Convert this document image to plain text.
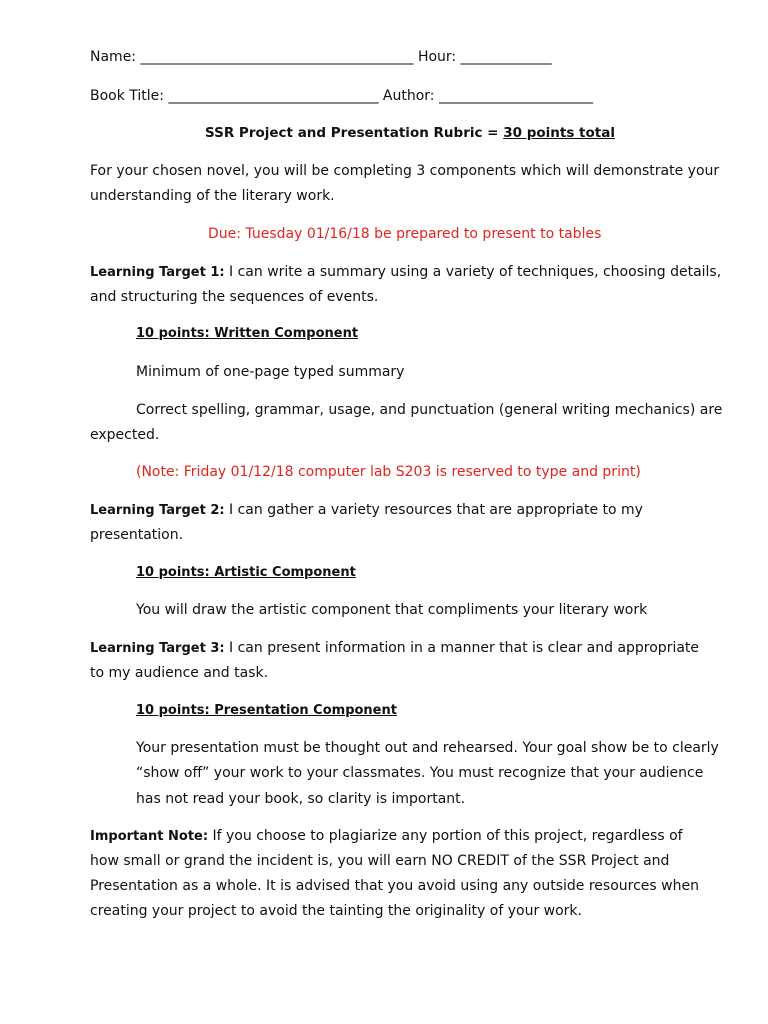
Name: _______________________________________ Hour: _____________
Book Title: ______________________________ Author: ______________________
SSR Project and Presentation Rubric = 30 points total
For your chosen novel, you will be completing 3 components which will demonstrate your
understanding of the literary work.
Due: Tuesday 01/16/18 be prepared to present to tables
Learning Target 1: I can write a summary using a variety of techniques, choosing details,
and structuring the sequences of events.
10 points: Written Component
Minimum of one-page typed summary
Correct spelling, grammar, usage, and punctuation (general writing mechanics) are
expected.
(Note: Friday 01/12/18 computer lab S203 is reserved to type and print)
Learning Target 2: I can gather a variety resources that are appropriate to my
presentation.
10 points: Artistic Component
You will draw the artistic component that compliments your literary work
Learning Target 3: I can present information in a manner that is clear and appropriate
to my audience and task.
10 points: Presentation Component
Your presentation must be thought out and rehearsed. Your goal show be to clearly
“show off” your work to your classmates. You must recognize that your audience
has not read your book, so clarity is important.
Important Note: If you choose to plagiarize any portion of this project, regardless of
how small or grand the incident is, you will earn NO CREDIT of the SSR Project and
Presentation as a whole. It is advised that you avoid using any outside resources when
creating your project to avoid the tainting the originality of your work.
